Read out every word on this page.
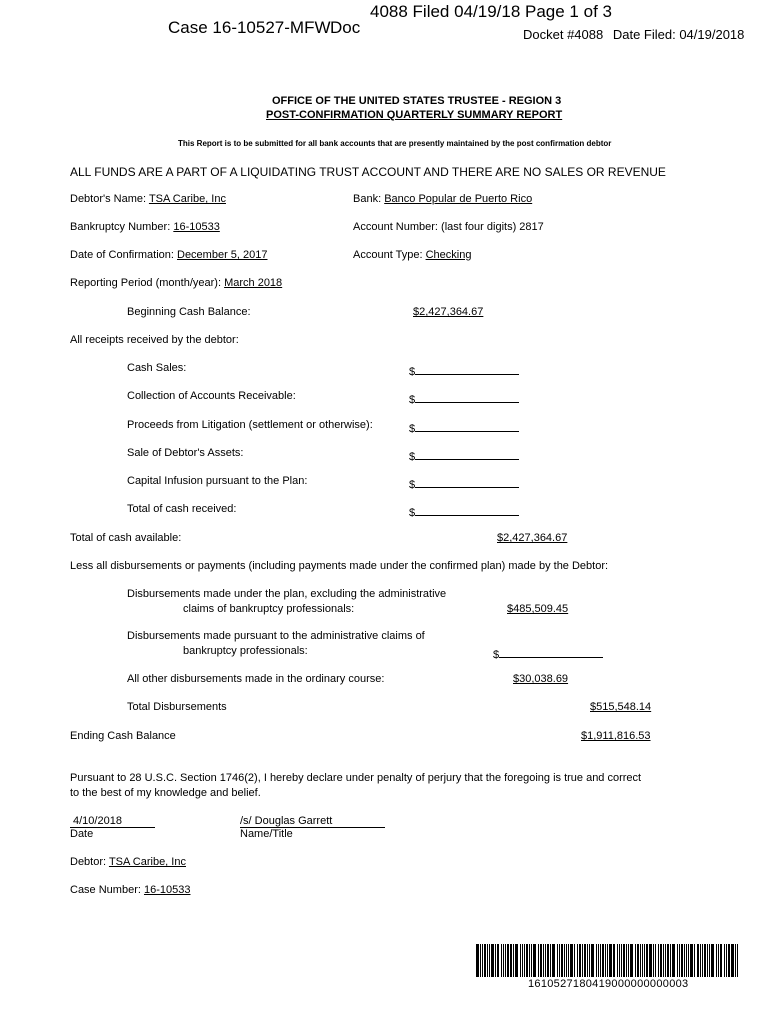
Case 16-10527-MFW Doc
4088 Filed 04/19/18 Page 1 of 3
Docket #4088 Date Filed: 04/19/2018
OFFICE OF THE UNITED STATES TRUSTEE - REGION 3
POST-CONFIRMATION QUARTERLY SUMMARY REPORT
This Report is to be submitted for all bank accounts that are presently maintained by the post confirmation debtor
ALL FUNDS ARE A PART OF A LIQUIDATING TRUST ACCOUNT AND THERE ARE NO SALES OR REVENUE
Debtor's Name: TSA Caribe, Inc	Bank: Banco Popular de Puerto Rico
Bankruptcy Number: 16-10533	Account Number: (last four digits) 2817
Date of Confirmation: December 5, 2017	Account Type: Checking
Reporting Period (month/year): March 2018
Beginning Cash Balance:	$2,427,364.67
All receipts received by the debtor:
Cash Sales:	$
Collection of Accounts Receivable:	$
Proceeds from Litigation (settlement or otherwise):	$
Sale of Debtor's Assets:	$
Capital Infusion pursuant to the Plan:	$
Total of cash received:	$
Total of cash available:	$2,427,364.67
Less all disbursements or payments (including payments made under the confirmed plan) made by the Debtor:
Disbursements made under the plan, excluding the administrative
claims of bankruptcy professionals:	$485,509.45
Disbursements made pursuant to the administrative claims of
bankruptcy professionals:	$
All other disbursements made in the ordinary course:	$30,038.69
Total Disbursements	$515,548.14
Ending Cash Balance	$1,911,816.53
Pursuant to 28 U.S.C. Section 1746(2), I hereby declare under penalty of perjury that the foregoing is true and correct
to the best of my knowledge and belief.
4/10/2018
Date
/s/ Douglas Garrett
Name/Title
Debtor: TSA Caribe, Inc
Case Number: 16-10533
1610527180419000000000003
